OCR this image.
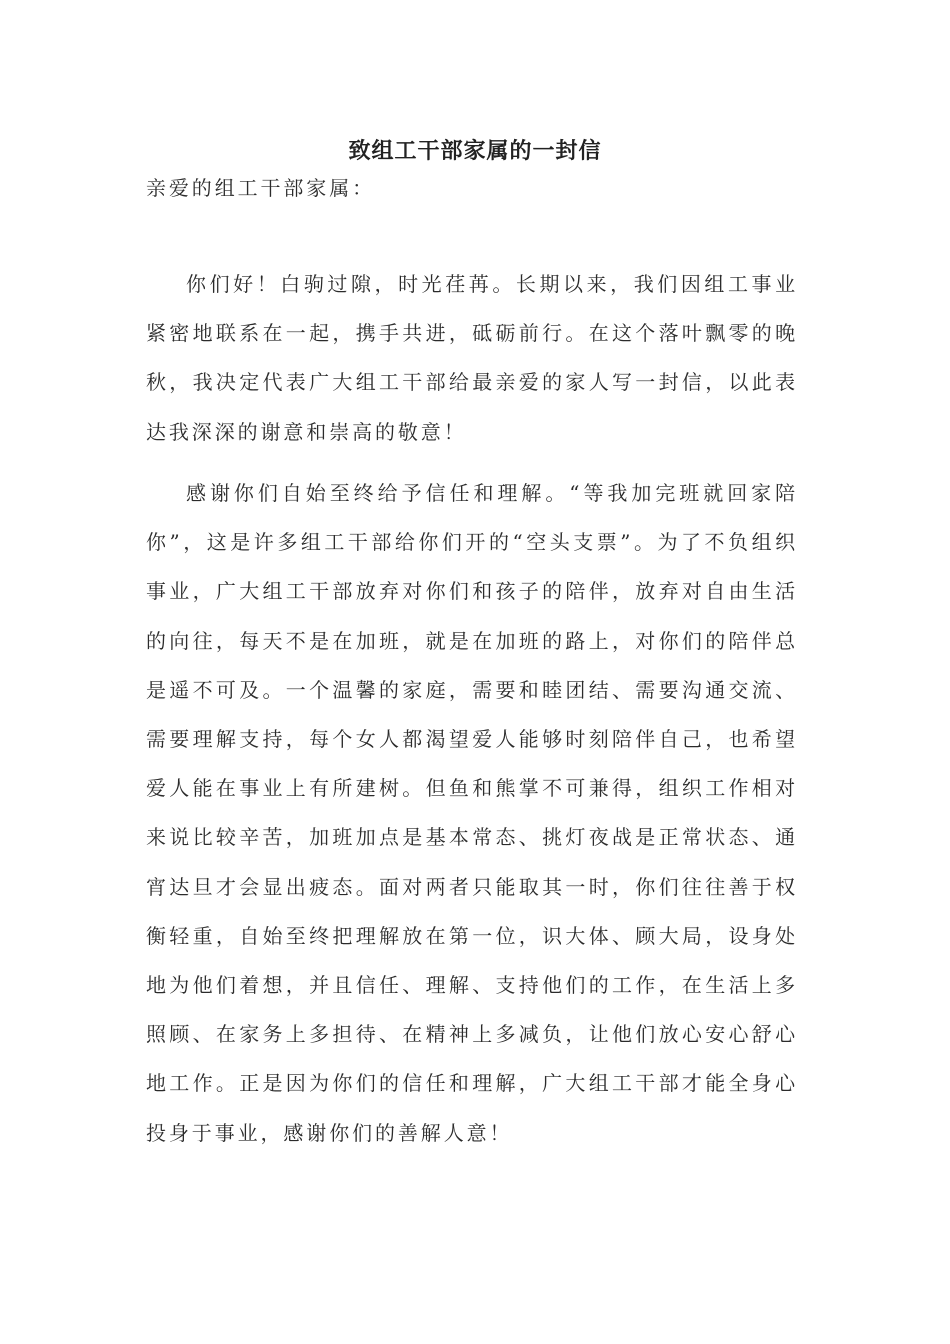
致组工干部家属的一封信
亲爱的组工干部家属：

你们好！白驹过隙，时光荏苒。长期以来，我们因组工事业紧密地联系在一起，携手共进，砥砺前行。在这个落叶飘零的晚秋，我决定代表广大组工干部给最亲爱的家人写一封信，以此表达我深深的谢意和崇高的敬意！

感谢你们自始至终给予信任和理解。“等我加完班就回家陪你”，这是许多组工干部给你们开的“空头支票”。为了不负组织事业，广大组工干部放弃对你们和孩子的陪伴，放弃对自由生活的向往，每天不是在加班，就是在加班的路上，对你们的陪伴总是遥不可及。一个温馨的家庭，需要和睦团结、需要沟通交流、需要理解支持，每个女人都渴望爱人能够时刻陪伴自己，也希望爱人能在事业上有所建树。但鱼和熊掌不可兼得，组织工作相对来说比较辛苦，加班加点是基本常态、挑灯夜战是正常状态、通宵达旦才会显出疲态。面对两者只能取其一时，你们往往善于权衡轻重，自始至终把理解放在第一位，识大体、顾大局，设身处地为他们着想，并且信任、理解、支持他们的工作，在生活上多照顾、在家务上多担待、在精神上多减负，让他们放心安心舒心地工作。正是因为你们的信任和理解，广大组工干部才能全身心投身于事业，感谢你们的善解人意！
